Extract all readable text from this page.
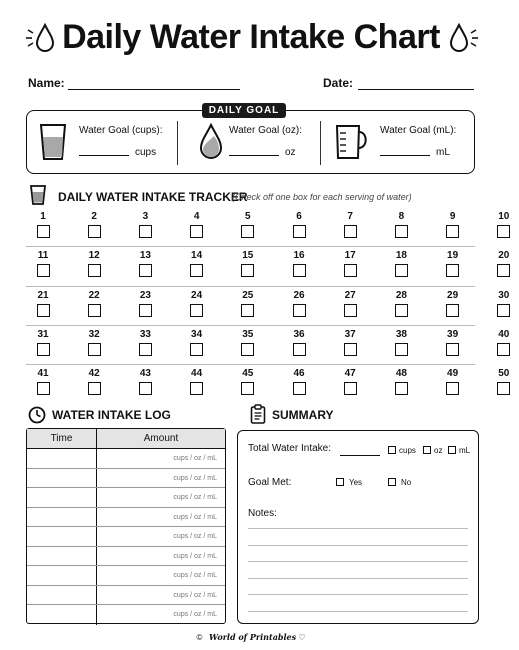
Daily Water Intake Chart
Name:	Date:
Water Goal (cups):
cups
Water Goal (oz):
oz
Water Goal (mL):
mL
DAILY GOAL
DAILY WATER INTAKE TRACKER
(Check off one box for each serving of water)
1	2	3	4	5	6	7	8	9	10
11	12	13	14	15	16	17	18	19	20
21	22	23	24	25	26	27	28	29	30
31	32	33	34	35	36	37	38	39	40
41	42	43	44	45	46	47	48	49	50
WATER INTAKE LOG
Time	Amount
cups / oz / mL
cups / oz / mL
cups / oz / mL
cups / oz / mL
cups / oz / mL
cups / oz / mL
cups / oz / mL
cups / oz / mL
cups / oz / mL
SUMMARY
Total Water Intake:	cups oz mL
Goal Met:	Yes	No
Notes:
© World of Printables ♡
